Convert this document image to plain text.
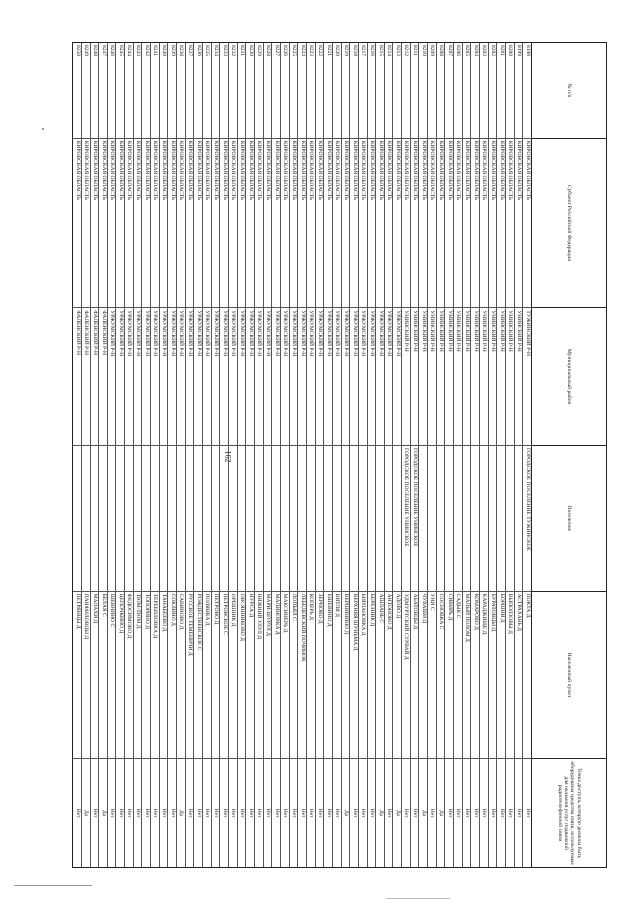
162
№ п/п
Субъект Российской Федерации
Муниципальный район
Поселение
Населенный пункт
Точка доступа, которую должны быть оборудованы средства связи, используемые для оказания услуг подвижной радиотелефонной связи
8198
КИРОВСКАЯ ОБЛАСТЬ
ТУЖИНСКИЙ Р-Н
ГОРОДСКОЕ ПОСЕЛЕНИЕ ТУЖИНСКОЕ
ПОКТА Д
Нет
8199
КИРОВСКАЯ ОБЛАСТЬ
УНИНСКИЙ Р-Н
АСТРАХАНЬ Д
Нет
8200
КИРОВСКАЯ ОБЛАСТЬ
УНИНСКИЙ Р-Н
ВЫПОЛЗОВЫ Д
Нет
8201
КИРОВСКАЯ ОБЛАСТЬ
УНИНСКИЙ Р-Н
БОРШНИ Д
Нет
8202
КИРОВСКАЯ ОБЛАСТЬ
УНИНСКИЙ Р-Н
БУРАТОВЦЫ Д
Нет
8203
КИРОВСКАЯ ОБЛАСТЬ
УНИНСКИЙ Р-Н
КАРАДЖИЩЕ Д
Нет
8204
КИРОВСКАЯ ОБЛАСТЬ
УНИНСКИЙ Р-Н
КОМАРОВО Д
Нет
8205
КИРОВСКАЯ ОБЛАСТЬ
УНИНСКИЙ Р-Н
МАЛЫЙ ПОЛОМ Д
Нет
8206
КИРОВСКАЯ ОБЛАСТЬ
УНИНСКИЙ Р-Н
САДЫК С
Нет
8207
КИРОВСКАЯ ОБЛАСТЬ
УНИНСКИЙ Р-Н
СИВИРЬ Д
Нет
8208
КИРОВСКАЯ ОБЛАСТЬ
УНИНСКИЙ Р-Н
СОСНОВКА С
Да
8209
КИРОВСКАЯ ОБЛАСТЬ
УНИНСКИЙ Р-Н
УНИ С
Нет
8210
КИРОВСКАЯ ОБЛАСТЬ
УНИНСКИЙ Р-Н
ЧУВАШИ Д
Да
8211
КИРОВСКАЯ ОБЛАСТЬ
УНИНСКИЙ Р-Н
ГОРОДСКОЕ ПОСЕЛЕНИЕ УНИНСКОЕ
АБАТОВЦЫ Д
Нет
8212
КИРОВСКАЯ ОБЛАСТЬ
УНИНСКИЙ Р-Н
ГОРОДСКОЕ ПОСЕЛЕНИЕ УНИНСКОЕ
УДМУРТСКИЙ СУРВАЙ Д
Нет
8213
КИРОВСКАЯ ОБЛАСТЬ
УРЖУМСКИЙ Р-Н
АДОВО Д
Да
8214
КИРОВСКАЯ ОБЛАСТЬ
УРЖУМСКИЙ Р-Н
АНТОНОВО Д
Нет
8215
КИРОВСКАЯ ОБЛАСТЬ
УРЖУМСКИЙ Р-Н
АШЛАНЬ С
Да
8216
КИРОВСКАЯ ОБЛАСТЬ
УРЖУМСКИЙ Р-Н
БЕРЕЗНИК Д
Нет
8217
КИРОВСКАЯ ОБЛАСТЬ
УРЖУМСКИЙ Р-Н
БИРЛАНОВКА Д
Нет
8218
КИРОВСКАЯ ОБЛАСТЬ
УРЖУМСКИЙ Р-Н
ВЕРХНЯЯ ШУНЬМА Д
Нет
8219
КИРОВСКАЯ ОБЛАСТЬ
УРЖУМСКИЙ Р-Н
ВЕРШИНИНО Д
Да
8220
КИРОВСКАЯ ОБЛАСТЬ
УРЖУМСКИЙ Р-Н
ВИТЛЯ Д
Нет
8221
КИРОВСКАЯ ОБЛАСТЬ
УРЖУМСКИЙ Р-Н
ЕШЕВИНО Д
Нет
8222
КИРОВСКАЯ ОБЛАСТЬ
УРЖУМСКИЙ Р-Н
ЗЕРНОВО Д
Нет
8223
КИРОВСКАЯ ОБЛАСТЬ
УРЖУМСКИЙ Р-Н
КОПЕРЬ Д
Нет
8224
КИРОВСКАЯ ОБЛАСТЬ
УРЖУМСКИЙ Р-Н
ЛЕБЕДЕВСКИЙ ПОЧИНОК
Нет
8225
КИРОВСКАЯ ОБЛАСТЬ
УРЖУМСКИЙ Р-Н
ЛОПЬЯЛ С
Нет
8226
КИРОВСКАЯ ОБЛАСТЬ
УРЖУМСКИЙ Р-Н
МАКСИНЕРЬ Д
Нет
8227
КИРОВСКАЯ ОБЛАСТЬ
УРЖУМСКИЙ Р-Н
МАЛИНОВКА Д
Нет
8228
КИРОВСКАЯ ОБЛАСТЬ
УРЖУМСКИЙ Р-Н
МАРИ-ШУРУЛ Д
Нет
8229
КИРОВСКАЯ ОБЛАСТЬ
УРЖУМСКИЙ Р-Н
НИЖНИЙ УЛУЛ Д
Нет
8230
КИРОВСКАЯ ОБЛАСТЬ
УРЖУМСКИЙ Р-Н
НУРСА Д
Нет
8231
КИРОВСКАЯ ОБЛАСТЬ
УРЖУМСКИЙ Р-Н
ОВСЯННИКОВО Д
Нет
8232
КИРОВСКАЯ ОБЛАСТЬ
УРЖУМСКИЙ Р-Н
ОРЕШНИК Д
Нет
8233
КИРОВСКАЯ ОБЛАСТЬ
УРЖУМСКИЙ Р-Н
ПЕТРОВСКОЕ С
Нет
8234
КИРОВСКАЯ ОБЛАСТЬ
УРЖУМСКИЙ Р-Н
ПЕТРОВО Д
Нет
8235
КИРОВСКАЯ ОБЛАСТЬ
УРЖУМСКИЙ Р-Н
ПОЛЯНКА Д
Нет
8236
КИРОВСКАЯ ОБЛАСТЬ
УРЖУМСКИЙ Р-Н
РОЖДЕСТВЕНСКОЕ С
Нет
8237
КИРОВСКАЯ ОБЛАСТЬ
УРЖУМСКИЙ Р-Н
РУССКОЕ ТЕМЕНИЧИ Д
Нет
8238
КИРОВСКАЯ ОБЛАСТЬ
УРЖУМСКИЙ Р-Н
САВИНОВО Д
Да
8239
КИРОВСКАЯ ОБЛАСТЬ
УРЖУМСКИЙ Р-Н
СОКЛИНО Д
Нет
8240
КИРОВСКАЯ ОБЛАСТЬ
УРЖУМСКИЙ Р-Н
ТАНАБЕЕВО Д
Нет
8241
КИРОВСКАЯ ОБЛАСТЬ
УРЖУМСКИЙ Р-Н
ТЕРЕБИЛОВКА Д
Нет
8242
КИРОВСКАЯ ОБЛАСТЬ
УРЖУМСКИЙ Р-Н
ТОПОРИНО Д
Нет
8243
КИРОВСКАЯ ОБЛАСТЬ
УРЖУМСКИЙ Р-Н
ТЮМ-ТЮМ Д
Нет
8244
КИРОВСКАЯ ОБЛАСТЬ
УРЖУМСКИЙ Р-Н
ФЕДОСИМОВО Д
Нет
8245
КИРОВСКАЯ ОБЛАСТЬ
УРЖУМСКИЙ Р-Н
ЦЕПОЧКИНО Д
Нет
8246
КИРОВСКАЯ ОБЛАСТЬ
УРЖУМСКИЙ Р-Н
ШЕВНИНО С
Нет
8247
КИРОВСКАЯ ОБЛАСТЬ
ФАЛЕНСКИЙ Р-Н
БЕЛАЯ С
Да
8248
КИРОВСКАЯ ОБЛАСТЬ
ФАЛЕНСКИЙ Р-Н
МАЛАХИ Д
Нет
8249
КИРОВСКАЯ ОБЛАСТЬ
ФАЛЕНСКИЙ Р-Н
ПАНФИЛОВЦЫ Д
Да
8250
КИРОВСКАЯ ОБЛАСТЬ
ФАЛЕНСКИЙ Р-Н
ПЕТРЯНЦЫ Д
Нет
